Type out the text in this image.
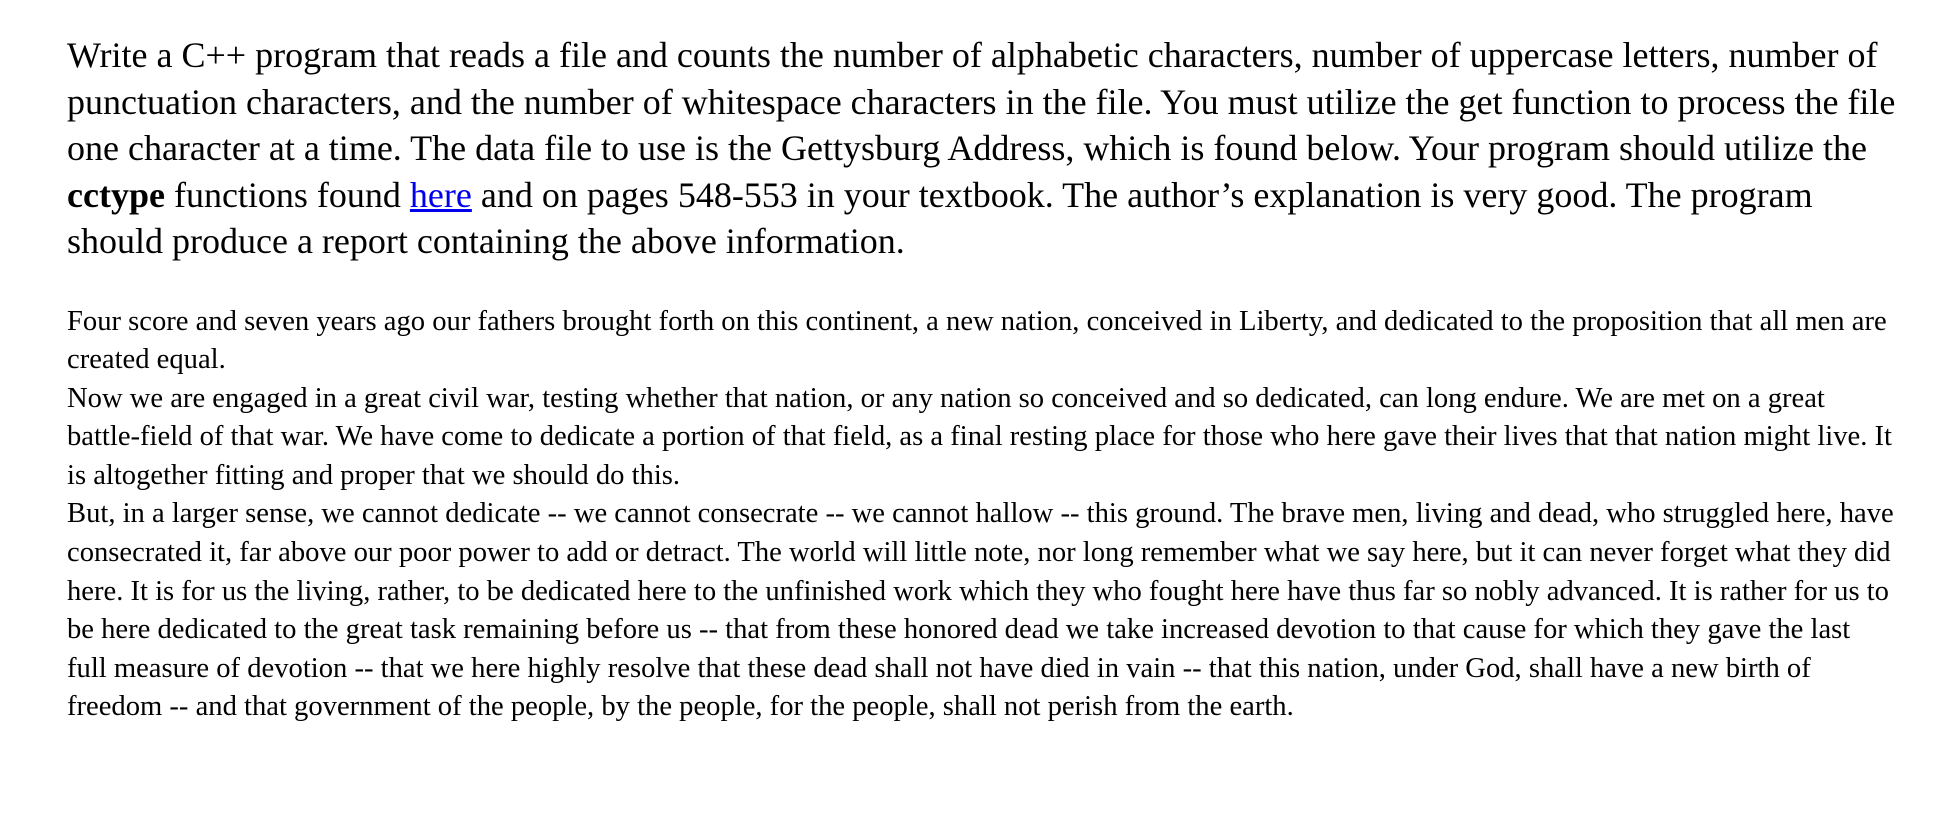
Write a C++ program that reads a file and counts the number of alphabetic characters, number of uppercase letters, number of punctuation characters, and the number of whitespace characters in the file. You must utilize the get function to process the file one character at a time. The data file to use is the Gettysburg Address, which is found below. Your program should utilize the cctype functions found here and on pages 548-553 in your textbook. The author’s explanation is very good. The program should produce a report containing the above information.

Four score and seven years ago our fathers brought forth on this continent, a new nation, conceived in Liberty, and dedicated to the proposition that all men are created equal.

Now we are engaged in a great civil war, testing whether that nation, or any nation so conceived and so dedicated, can long endure. We are met on a great battle-field of that war. We have come to dedicate a portion of that field, as a final resting place for those who here gave their lives that that nation might live. It is altogether fitting and proper that we should do this.

But, in a larger sense, we cannot dedicate -- we cannot consecrate -- we cannot hallow -- this ground. The brave men, living and dead, who struggled here, have consecrated it, far above our poor power to add or detract. The world will little note, nor long remember what we say here, but it can never forget what they did here. It is for us the living, rather, to be dedicated here to the unfinished work which they who fought here have thus far so nobly advanced. It is rather for us to be here dedicated to the great task remaining before us -- that from these honored dead we take increased devotion to that cause for which they gave the last full measure of devotion -- that we here highly resolve that these dead shall not have died in vain -- that this nation, under God, shall have a new birth of freedom -- and that government of the people, by the people, for the people, shall not perish from the earth.
